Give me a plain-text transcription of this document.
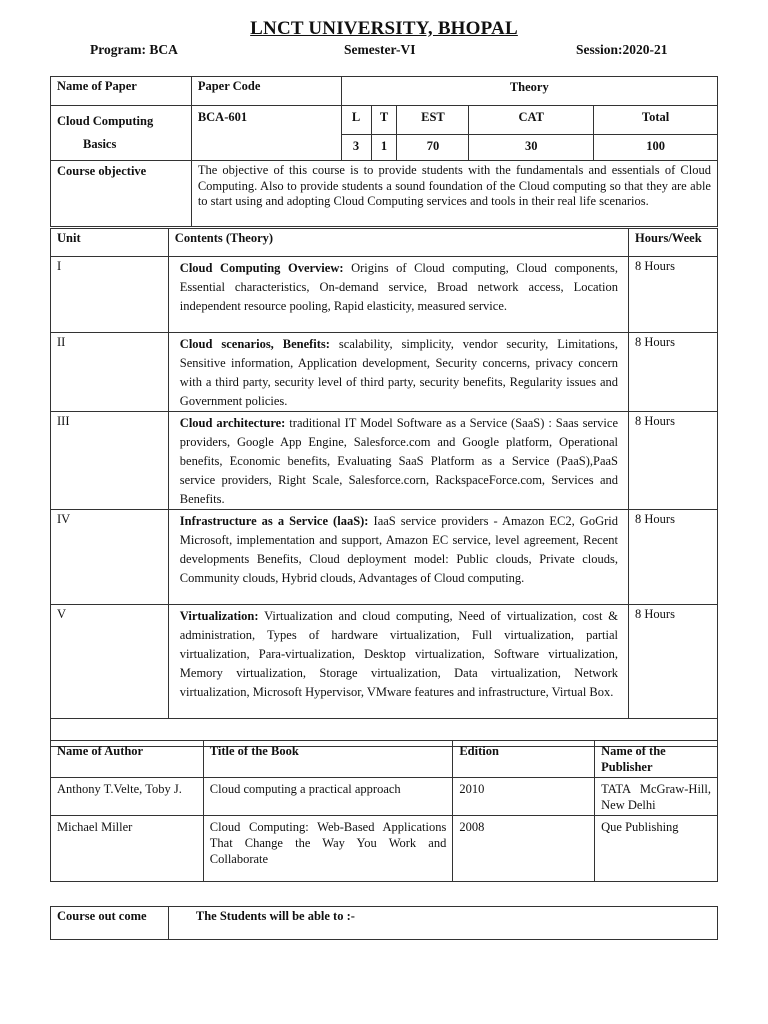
LNCT UNIVERSITY, BHOPAL
Program: BCA	Semester-VI	Session:2020-21
Name of Paper	Paper Code	Theory				

Cloud Computing
Basics	BCA-601	L	T	EST	CAT	Total
		3	1	70	30	100
Course objective	The objective of this course is to provide students with the fundamentals and essentials of Cloud Computing. Also to provide students a sound foundation of the Cloud computing so that they are able to start using and adopting Cloud Computing services and tools in their real life scenarios.					
Unit	Contents (Theory)	Hours/Week
I	Cloud Computing Overview: Origins of Cloud computing, Cloud components, Essential characteristics, On-demand service, Broad network access, Location independent resource pooling, Rapid elasticity, measured service.	8 Hours
II	Cloud scenarios, Benefits: scalability, simplicity, vendor security, Limitations, Sensitive information, Application development, Security concerns, privacy concern with a third party, security level of third party, security benefits, Regularity issues and Government policies.	8 Hours
III	Cloud architecture: traditional IT Model Software as a Service (SaaS) : Saas service providers, Google App Engine, Salesforce.com and Google platform, Operational benefits, Economic benefits, Evaluating SaaS Platform as a Service (PaaS),PaaS service providers, Right Scale, Salesforce.corn, RackspaceForce.com, Services and Benefits.	8 Hours
IV	Infrastructure as a Service (laaS): IaaS service providers - Amazon EC2, GoGrid Microsoft, implementation and support, Amazon EC service, level agreement, Recent developments Benefits, Cloud deployment model: Public clouds, Private clouds, Community clouds, Hybrid clouds, Advantages of Cloud computing.	8 Hours
V	Virtualization: Virtualization and cloud computing, Need of virtualization, cost & administration, Types of hardware virtualization, Full virtualization, partial virtualization, Para-virtualization, Desktop virtualization, Software virtualization, Memory virtualization, Storage virtualization, Data virtualization, Network virtualization, Microsoft Hypervisor, VMware features and infrastructure, Virtual Box.	8 Hours

Name of Author	Title of the Book	Edition	Name of the Publisher
Anthony T.Velte, Toby J.	Cloud computing a practical approach	2010	TATA McGraw-Hill, New Delhi
Michael Miller	Cloud Computing: Web-Based Applications That Change the Way You Work and Collaborate	2008	Que Publishing
Course out come	The Students will be able to :-
